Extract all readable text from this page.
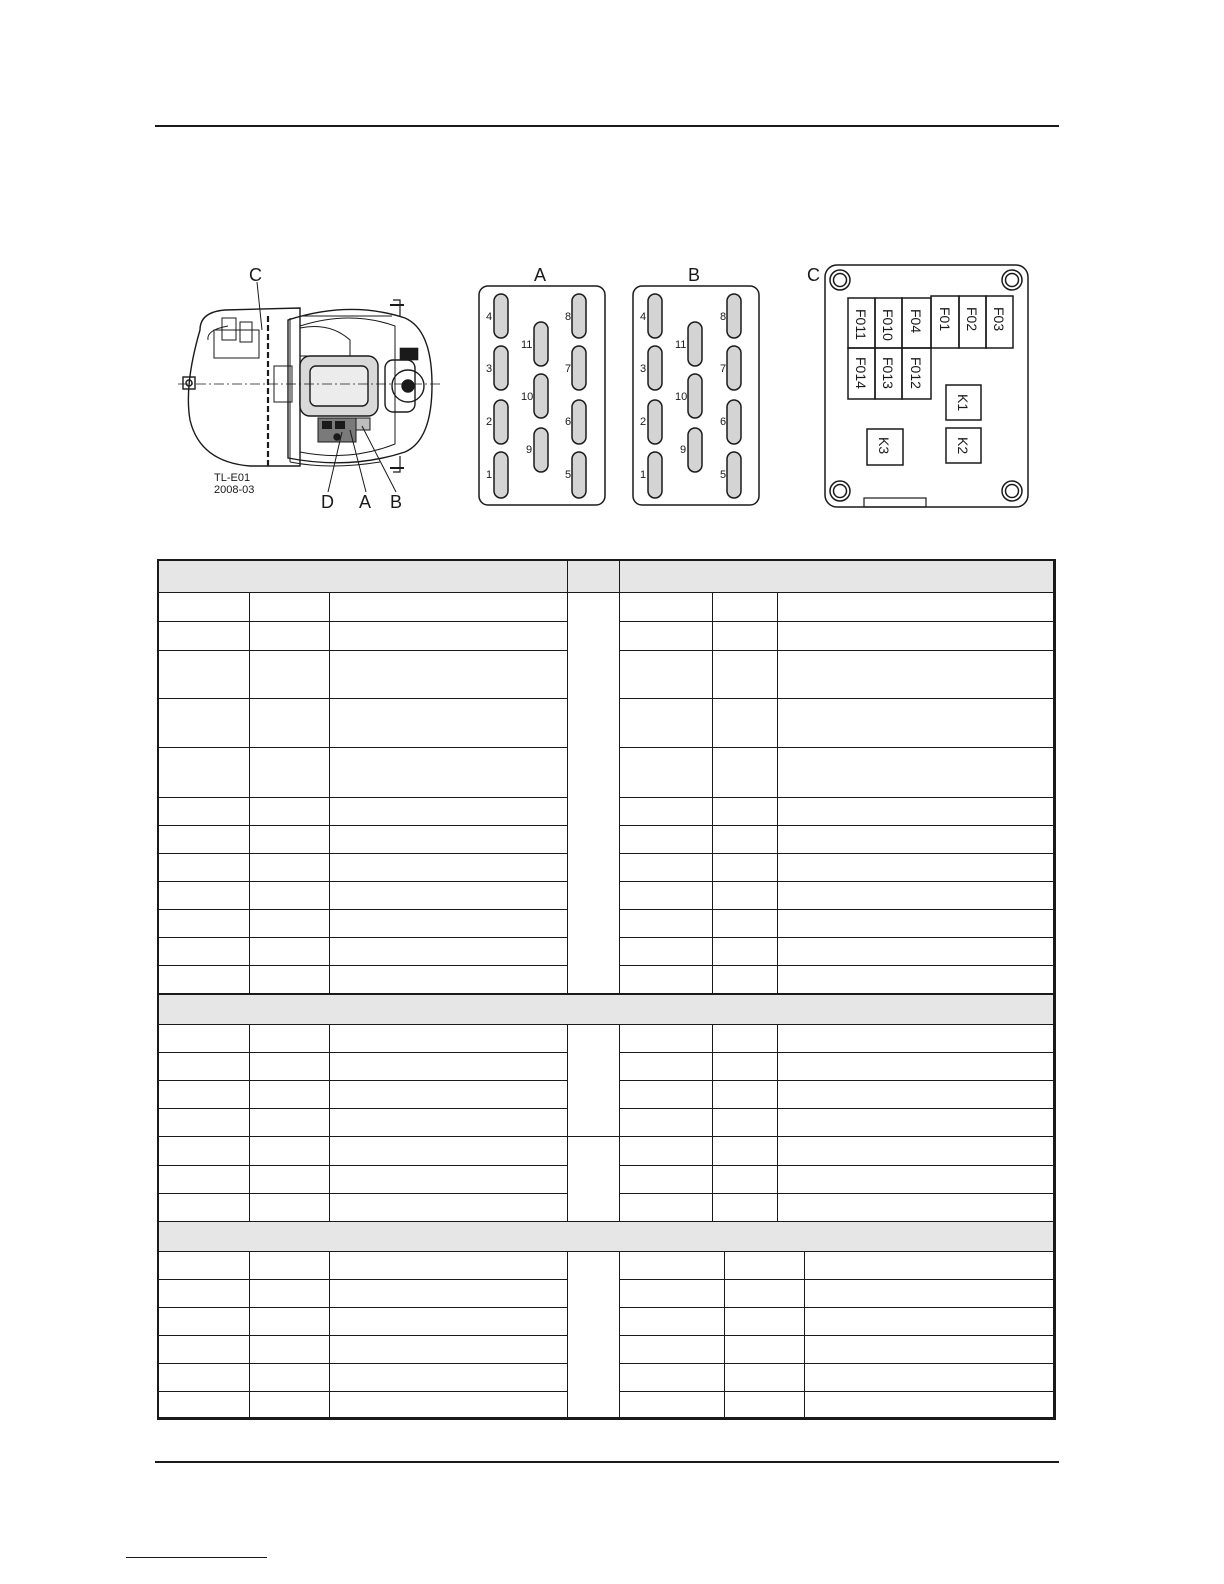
C
D A B
TL-E01
2008-03
A
4
3
2
1
8
7
6
5
11
10
9
B
4
3
2
1
8
7
6
5
11
10
9
C
F011 F010 F04 F01 F02 F03
F014 F013 F012
K1
K2
K3
